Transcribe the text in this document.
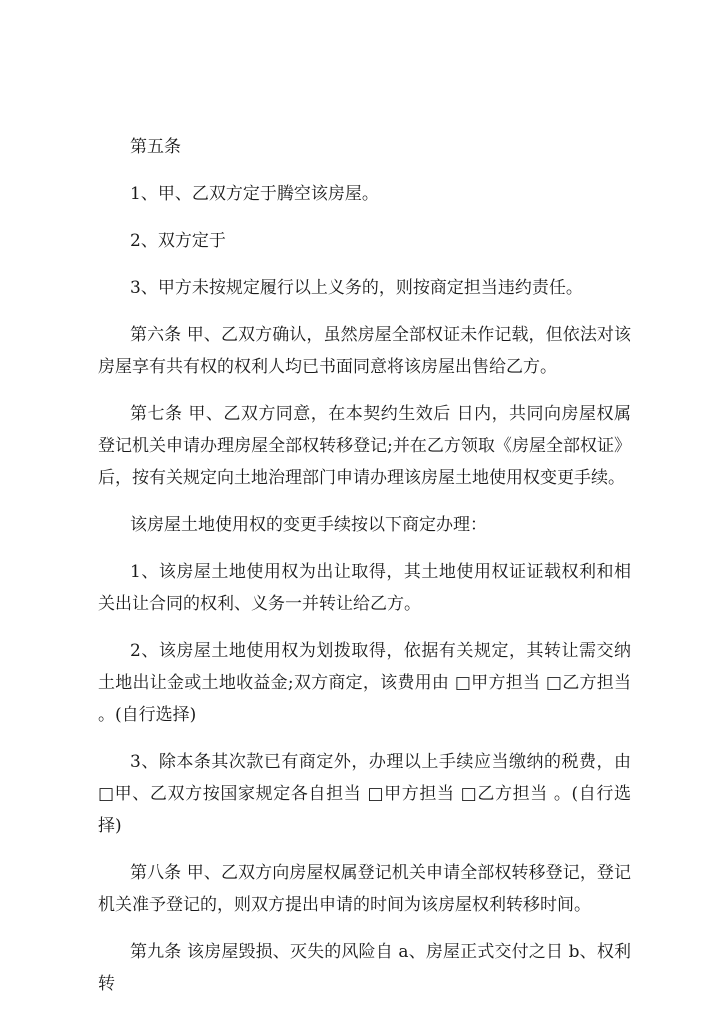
第五条

1、甲、乙双方定于腾空该房屋。

2、双方定于

3、甲方未按规定履行以上义务的，则按商定担当违约责任。

第六条 甲、乙双方确认，虽然房屋全部权证未作记载，但依法对该房屋享有共有权的权利人均已书面同意将该房屋出售给乙方。

第七条 甲、乙双方同意，在本契约生效后 日内，共同向房屋权属登记机关申请办理房屋全部权转移登记;并在乙方领取《房屋全部权证》后，按有关规定向土地治理部门申请办理该房屋土地使用权变更手续。

该房屋土地使用权的变更手续按以下商定办理：

1、该房屋土地使用权为出让取得，其土地使用权证证载权利和相关出让合同的权利、义务一并转让给乙方。

2、该房屋土地使用权为划拨取得，依据有关规定，其转让需交纳土地出让金或土地收益金;双方商定，该费用由 □甲方担当 □乙方担当 。(自行选择)

3、除本条其次款已有商定外，办理以上手续应当缴纳的税费，由□甲、乙双方按国家规定各自担当 □甲方担当 □乙方担当 。(自行选择)

第八条 甲、乙双方向房屋权属登记机关申请全部权转移登记，登记机关准予登记的，则双方提出申请的时间为该房屋权利转移时间。

第九条 该房屋毁损、灭失的风险自 a、房屋正式交付之日 b、权利转
